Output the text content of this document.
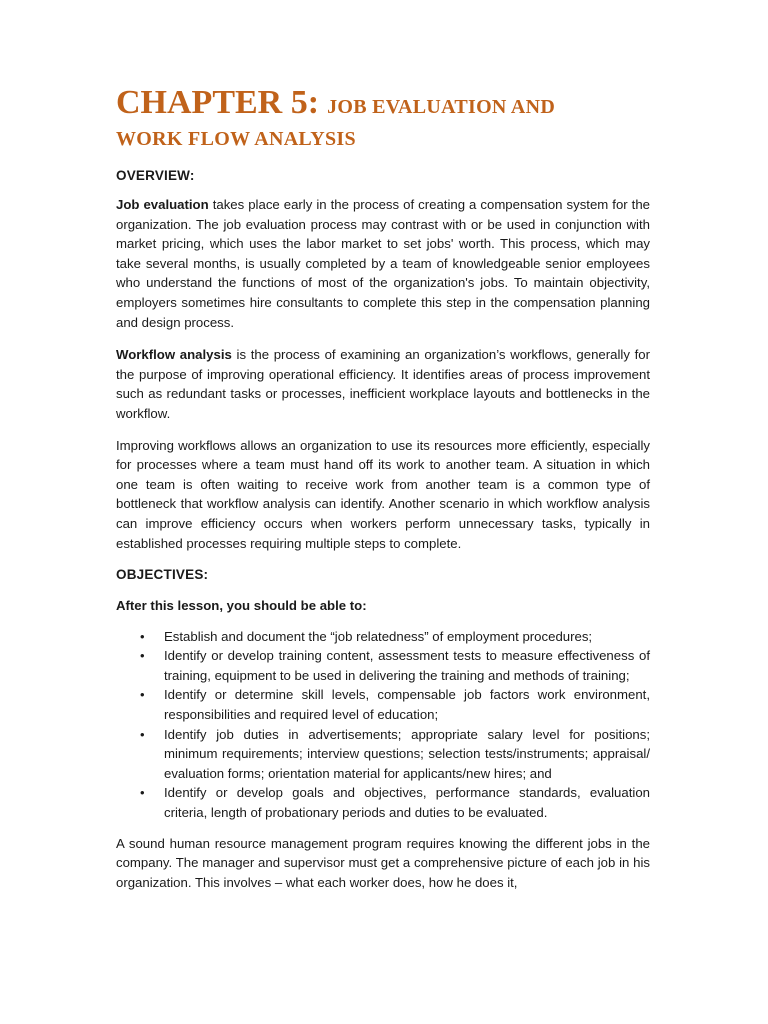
CHAPTER 5: JOB EVALUATION AND
WORK FLOW ANALYSIS
OVERVIEW:

Job evaluation takes place early in the process of creating a compensation system for the organization. The job evaluation process may contrast with or be used in conjunction with market pricing, which uses the labor market to set jobs' worth. This process, which may take several months, is usually completed by a team of knowledgeable senior employees who understand the functions of most of the organization's jobs. To maintain objectivity, employers sometimes hire consultants to complete this step in the compensation planning and design process.

Workflow analysis is the process of examining an organization’s workflows, generally for the purpose of improving operational efficiency. It identifies areas of process improvement such as redundant tasks or processes, inefficient workplace layouts and bottlenecks in the workflow.

Improving workflows allows an organization to use its resources more efficiently, especially for processes where a team must hand off its work to another team. A situation in which one team is often waiting to receive work from another team is a common type of bottleneck that workflow analysis can identify. Another scenario in which workflow analysis can improve efficiency occurs when workers perform unnecessary tasks, typically in established processes requiring multiple steps to complete.

OBJECTIVES:

After this lesson, you should be able to:

• Establish and document the “job relatedness” of employment procedures;
• Identify or develop training content, assessment tests to measure effectiveness of training, equipment to be used in delivering the training and methods of training;
• Identify or determine skill levels, compensable job factors work environment, responsibilities and required level of education;
• Identify job duties in advertisements; appropriate salary level for positions; minimum requirements; interview questions; selection tests/instruments; appraisal/ evaluation forms; orientation material for applicants/new hires; and
• Identify or develop goals and objectives, performance standards, evaluation criteria, length of probationary periods and duties to be evaluated.

A sound human resource management program requires knowing the different jobs in the company. The manager and supervisor must get a comprehensive picture of each job in his organization. This involves – what each worker does, how he does it,
